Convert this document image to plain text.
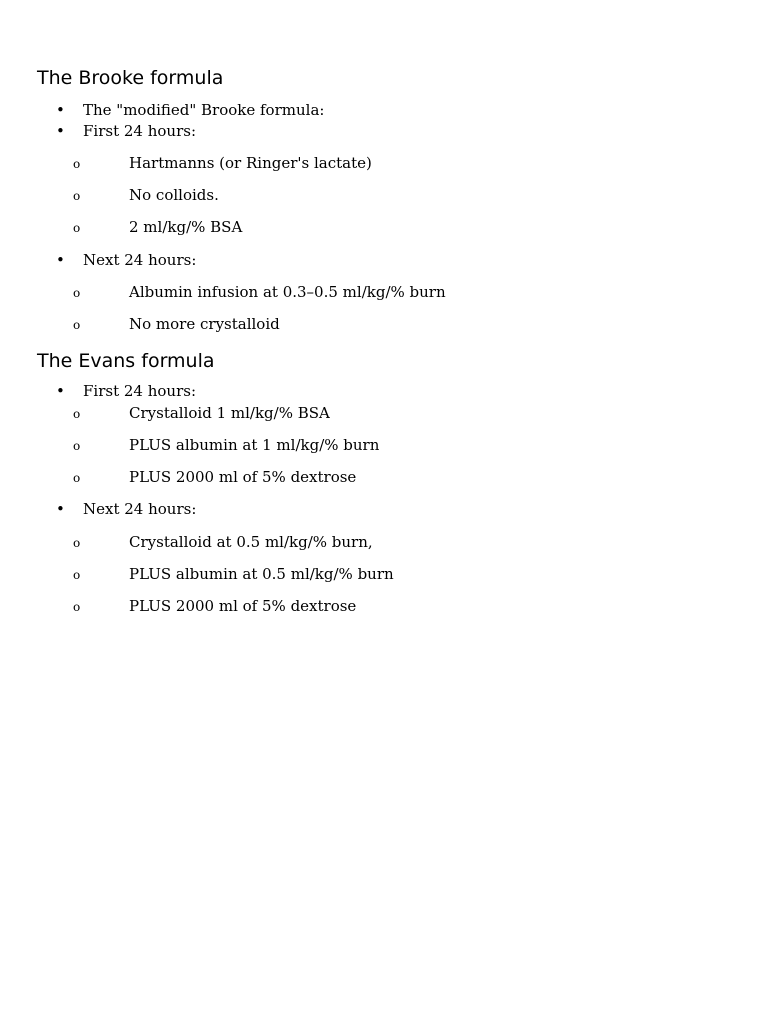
The Brooke formula
• The "modified" Brooke formula:
• First 24 hours:
o	Hartmanns (or Ringer's lactate)
o	No colloids.
o	2 ml/kg/% BSA
• Next 24 hours:
o	Albumin infusion at 0.3–0.5 ml/kg/% burn
o	No more crystalloid
The Evans formula
• First 24 hours:
o	Crystalloid 1 ml/kg/% BSA
o	PLUS albumin at 1 ml/kg/% burn
o	PLUS 2000 ml of 5% dextrose
• Next 24 hours:
o	Crystalloid at 0.5 ml/kg/% burn,
o	PLUS albumin at 0.5 ml/kg/% burn
o	PLUS 2000 ml of 5% dextrose
